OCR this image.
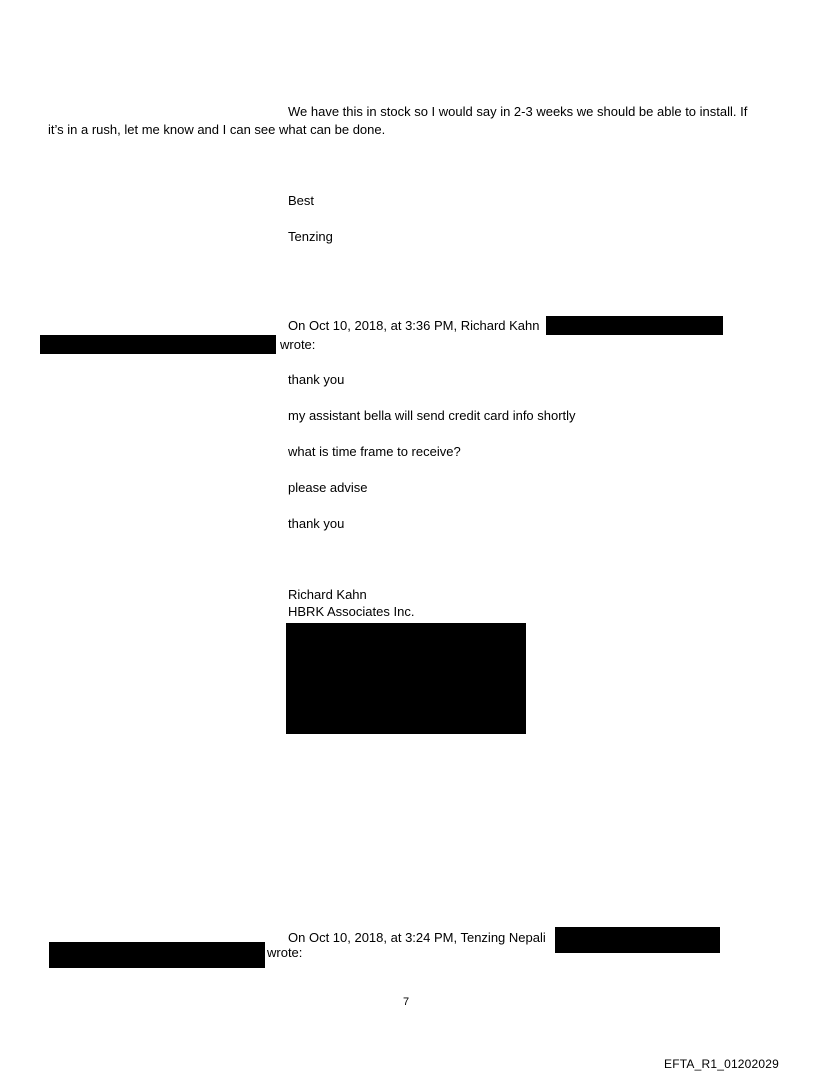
We have this in stock so I would say in 2-3 weeks we should be able to install. If
it’s in a rush, let me know and I can see what can be done.
Best
Tenzing
On Oct 10, 2018, at 3:36 PM, Richard Kahn
wrote:
thank you
my assistant bella will send credit card info shortly
what is time frame to receive?
please advise
thank you
Richard Kahn
HBRK Associates Inc.
On Oct 10, 2018, at 3:24 PM, Tenzing Nepali
wrote:
7
EFTA_R1_01202029
